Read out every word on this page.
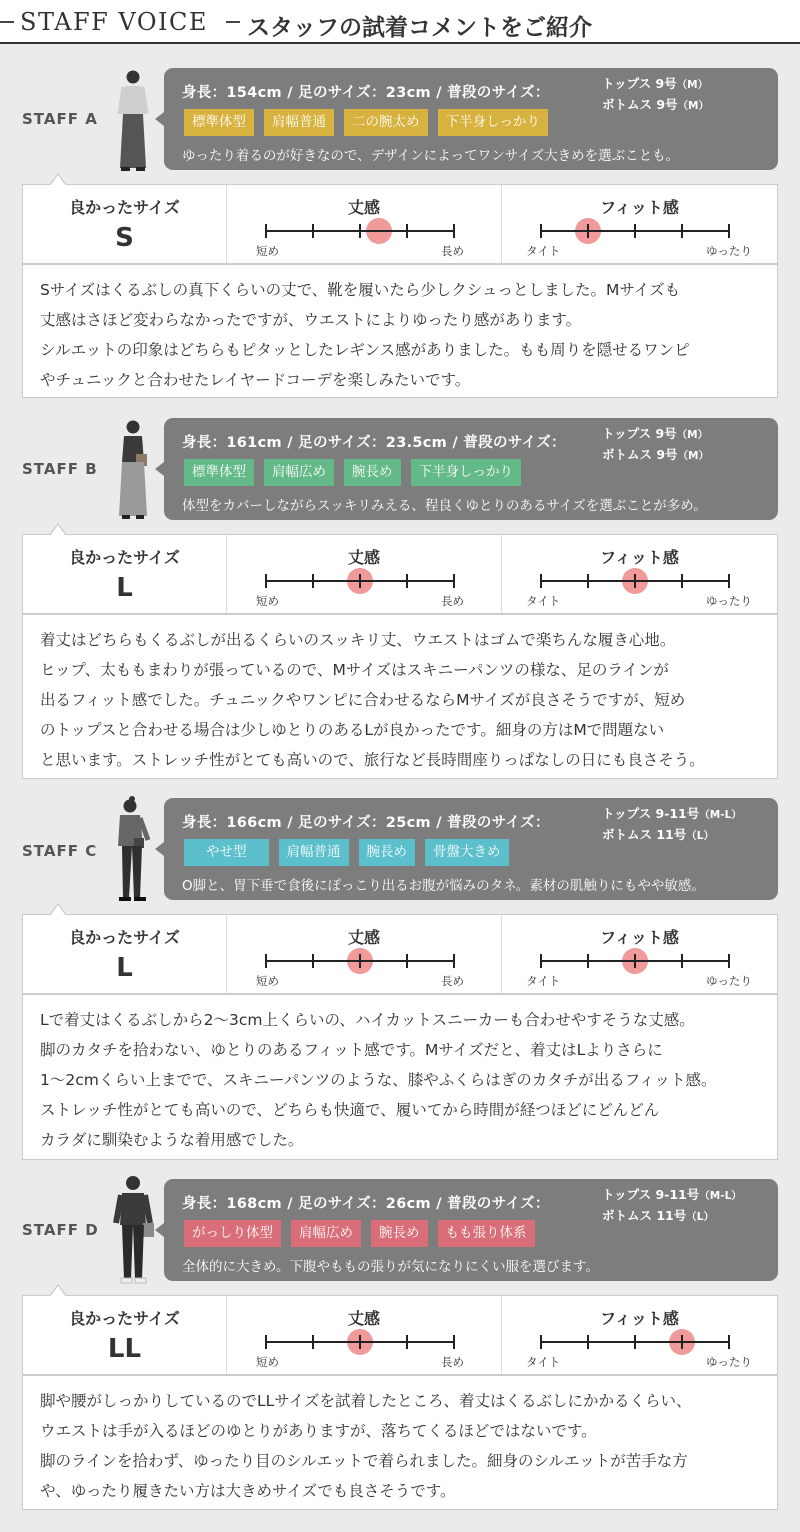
STAFF VOICE スタッフの試着コメントをご紹介
STAFF A
身長：154cm / 足のサイズ：23cm / 普段のサイズ：
トップス 9号（M）
ボトムス 9号（M）
標準体型	肩幅普通	二の腕太め	下半身しっかり
ゆったり着るのが好きなので、デザインによってワンサイズ大きめを選ぶことも。
良かったサイズ
S
丈感
短め	長め
フィット感
タイト	ゆったり
Sサイズはくるぶしの真下くらいの丈で、靴を履いたら少しクシュっとしました。Mサイズも
丈感はさほど変わらなかったですが、ウエストによりゆったり感があります。
シルエットの印象はどちらもピタッとしたレギンス感がありました。もも周りを隠せるワンピ
やチュニックと合わせたレイヤードコーデを楽しみたいです。
STAFF B
身長：161cm / 足のサイズ：23.5cm / 普段のサイズ：
トップス 9号（M）
ボトムス 9号（M）
標準体型	肩幅広め	腕長め	下半身しっかり
体型をカバーしながらスッキリみえる、程良くゆとりのあるサイズを選ぶことが多め。
良かったサイズ
L
丈感
短め	長め
フィット感
タイト	ゆったり
着丈はどちらもくるぶしが出るくらいのスッキリ丈、ウエストはゴムで楽ちんな履き心地。
ヒップ、太ももまわりが張っているので、Mサイズはスキニーパンツの様な、足のラインが
出るフィット感でした。チュニックやワンピに合わせるならMサイズが良さそうですが、短め
のトップスと合わせる場合は少しゆとりのあるLが良かったです。細身の方はMで問題ない
と思います。ストレッチ性がとても高いので、旅行など長時間座りっぱなしの日にも良さそう。
STAFF C
身長：166cm / 足のサイズ：25cm / 普段のサイズ：
トップス 9-11号（M-L）
ボトムス 11号（L）
やせ型	肩幅普通	腕長め	骨盤大きめ
O脚と、胃下垂で食後にぽっこり出るお腹が悩みのタネ。素材の肌触りにもやや敏感。
良かったサイズ
L
丈感
短め	長め
フィット感
タイト	ゆったり
Lで着丈はくるぶしから2〜3cm上くらいの、ハイカットスニーカーも合わせやすそうな丈感。
脚のカタチを拾わない、ゆとりのあるフィット感です。Mサイズだと、着丈はLよりさらに
1〜2cmくらい上までで、スキニーパンツのような、膝やふくらはぎのカタチが出るフィット感。
ストレッチ性がとても高いので、どちらも快適で、履いてから時間が経つほどにどんどん
カラダに馴染むような着用感でした。
STAFF D
身長：168cm / 足のサイズ：26cm / 普段のサイズ：
トップス 9-11号（M-L）
ボトムス 11号（L）
がっしり体型	肩幅広め	腕長め	もも張り体系
全体的に大きめ。下腹やももの張りが気になりにくい服を選びます。
良かったサイズ
LL
丈感
短め	長め
フィット感
タイト	ゆったり
脚や腰がしっかりしているのでLLサイズを試着したところ、着丈はくるぶしにかかるくらい、
ウエストは手が入るほどのゆとりがありますが、落ちてくるほどではないです。
脚のラインを拾わず、ゆったり目のシルエットで着られました。細身のシルエットが苦手な方
や、ゆったり履きたい方は大きめサイズでも良さそうです。
